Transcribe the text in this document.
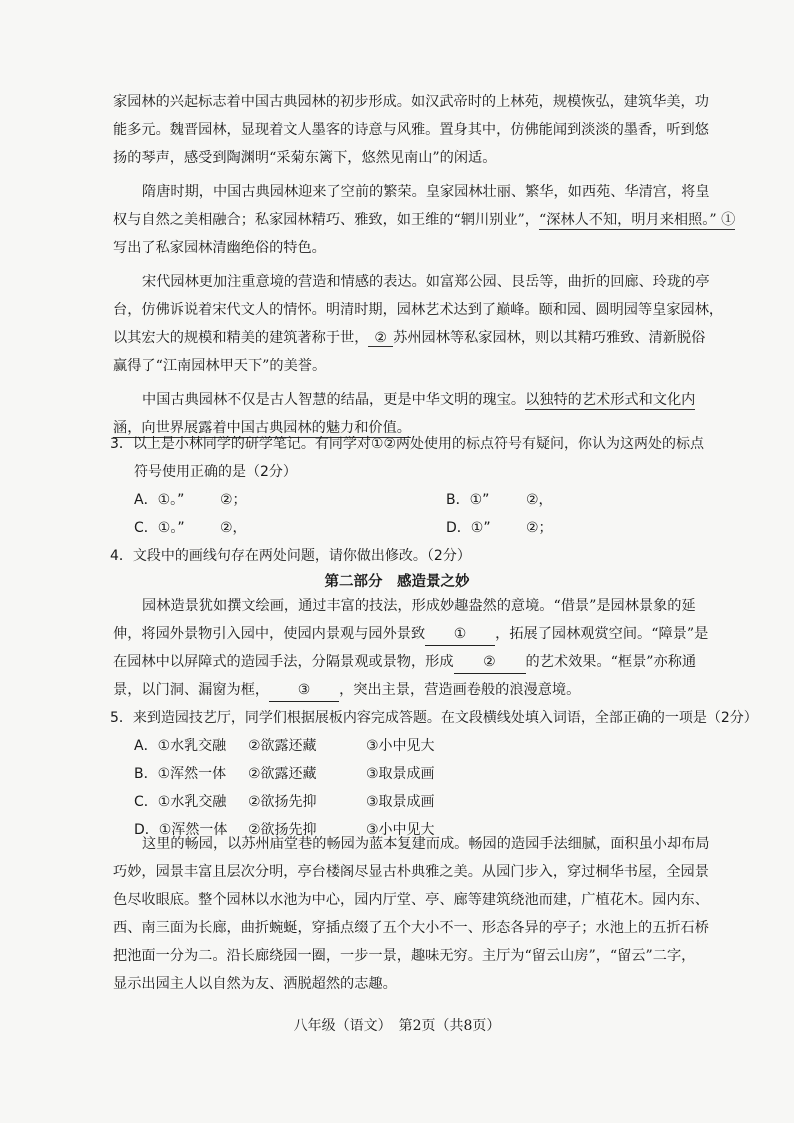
家园林的兴起标志着中国古典园林的初步形成。如汉武帝时的上林苑，规模恢弘，建筑华美，功
能多元。魏晋园林，显现着文人墨客的诗意与风雅。置身其中，仿佛能闻到淡淡的墨香，听到悠
扬的琴声，感受到陶渊明“采菊东篱下，悠然见南山”的闲适。
隋唐时期，中国古典园林迎来了空前的繁荣。皇家园林壮丽、繁华，如西苑、华清宫，将皇
权与自然之美相融合；私家园林精巧、雅致，如王维的“辋川别业”，“深林人不知，明月来相照。” ①
写出了私家园林清幽绝俗的特色。
宋代园林更加注重意境的营造和情感的表达。如富郑公园、艮岳等，曲折的回廊、玲珑的亭
台，仿佛诉说着宋代文人的情怀。明清时期，园林艺术达到了巅峰。颐和园、圆明园等皇家园林，
以其宏大的规模和精美的建筑著称于世， ② 苏州园林等私家园林，则以其精巧雅致、清新脱俗
赢得了“江南园林甲天下”的美誉。
中国古典园林不仅是古人智慧的结晶，更是中华文明的瑰宝。以独特的艺术形式和文化内
涵，向世界展露着中国古典园林的魅力和价值。
3．以上是小林同学的研学笔记。有同学对①②两处使用的标点符号有疑问，你认为这两处的标点
符号使用正确的是（2分）
A．①。”	②；	B．①”	②，
C．①。”	②，	D．①”	②；
4．文段中的画线句存在两处问题，请你做出修改。（2分）
第二部分　感造景之妙
园林造景犹如撰文绘画，通过丰富的技法，形成妙趣盎然的意境。“借景”是园林景象的延
伸，将园外景物引入园中，使园内景观与园外景致 ① ，拓展了园林观赏空间。“障景”是
在园林中以屏障式的造园手法，分隔景观或景物，形成 ② 的艺术效果。“框景”亦称通
景，以门洞、漏窗为框， ③ ，突出主景，营造画卷般的浪漫意境。
5．来到造园技艺厅，同学们根据展板内容完成答题。在文段横线处填入词语，全部正确的一项是（2分）
A．①水乳交融 ②欲露还藏	③小中见大
B．①浑然一体 ②欲露还藏	③取景成画
C．①水乳交融 ②欲扬先抑	③取景成画
D．①浑然一体 ②欲扬先抑	③小中见大
这里的畅园，以苏州庙堂巷的畅园为蓝本复建而成。畅园的造园手法细腻，面积虽小却布局
巧妙，园景丰富且层次分明，亭台楼阁尽显古朴典雅之美。从园门步入，穿过桐华书屋，全园景
色尽收眼底。整个园林以水池为中心，园内厅堂、亭、廊等建筑绕池而建，广植花木。园内东、
西、南三面为长廊，曲折蜿蜒，穿插点缀了五个大小不一、形态各异的亭子；水池上的五折石桥
把池面一分为二。沿长廊绕园一圈，一步一景，趣味无穷。主厅为“留云山房”，“留云”二字，
显示出园主人以自然为友、洒脱超然的志趣。
八年级（语文）　第2页（共8页）
